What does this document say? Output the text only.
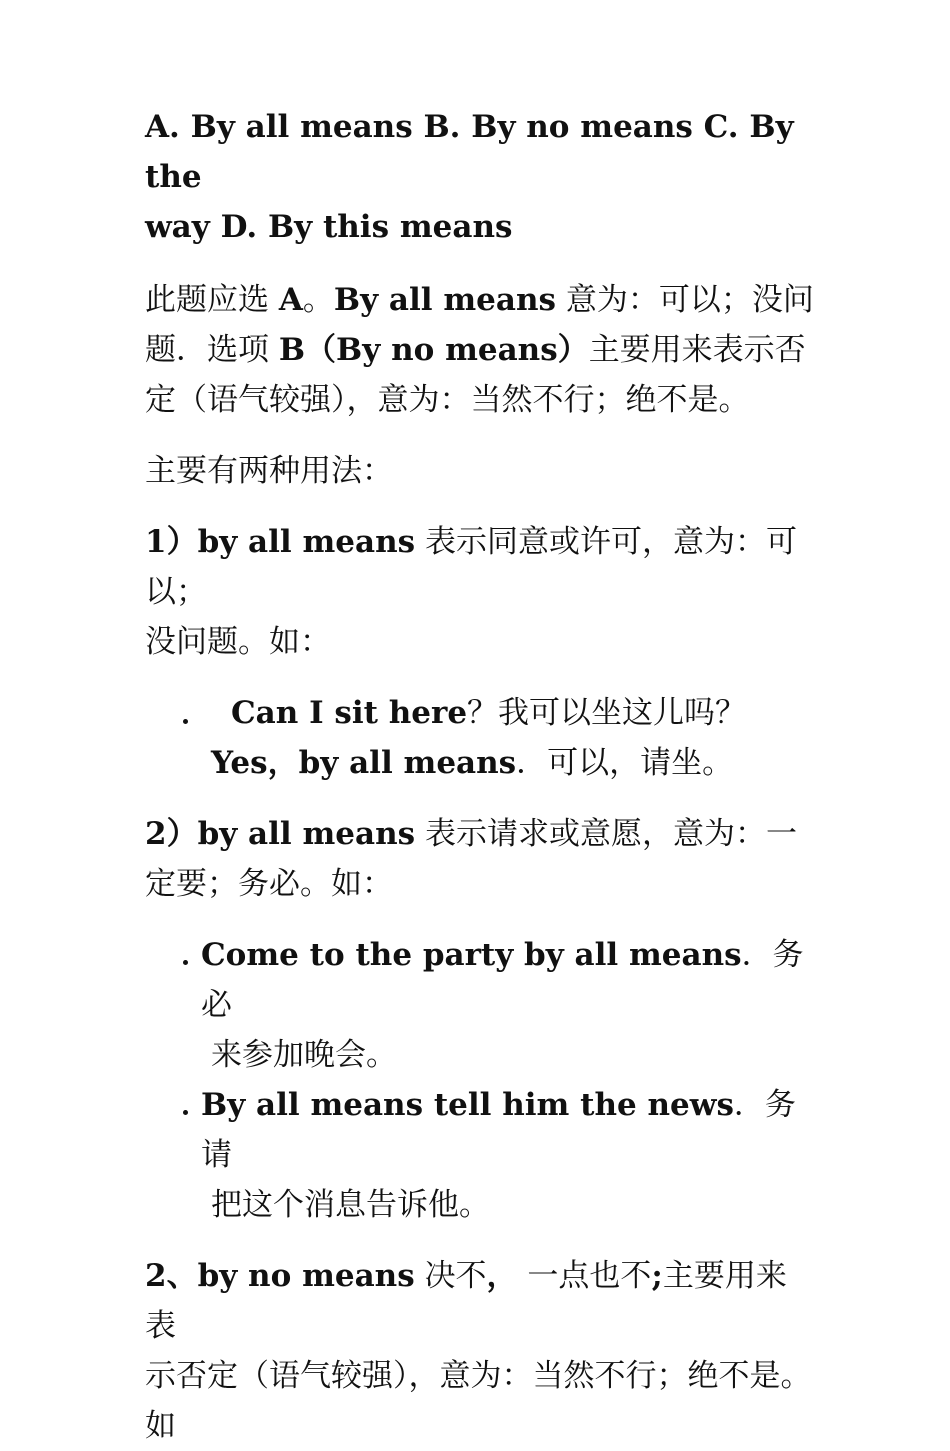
A. By all means B. By no means C. By the

way D. By this means

此题应选 A。By all means 意为：可以；没问

题．选项 B（By no means）主要用来表示否

定（语气较强），意为：当然不行；绝不是。

主要有两种用法：

1）by all means 表示同意或许可，意为：可以；

没问题。如：

Can I sit here？我可以坐这儿吗？

Yes，by all means．可以，请坐。

2）by all means 表示请求或意愿，意为：一

定要；务必。如：

Come to the party by all means．务必

来参加晚会。

By all means tell him the news．务请

把这个消息告诉他。

2、by no means 决不， 一点也不;主要用来表

示否定（语气较强），意为：当然不行；绝不是。

如
